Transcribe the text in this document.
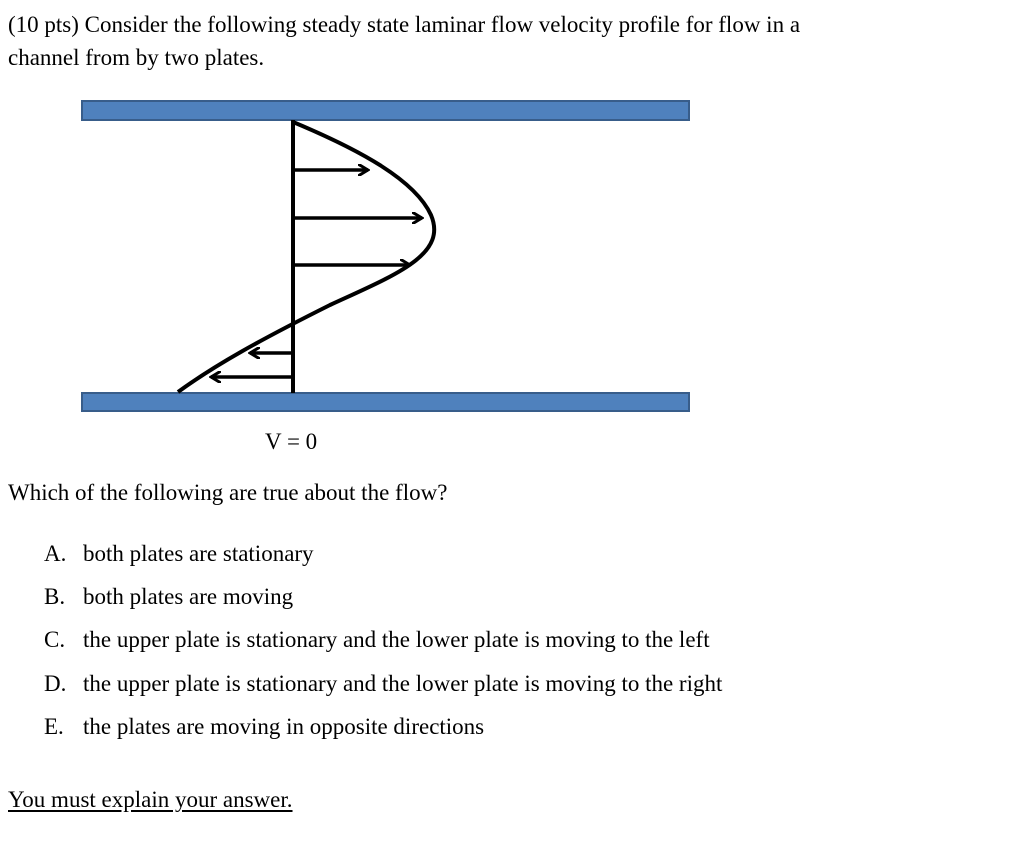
(10 pts) Consider the following steady state laminar flow velocity profile for flow in a
channel from by two plates.

V = 0

Which of the following are true about the flow?

A. both plates are stationary
B. both plates are moving
C. the upper plate is stationary and the lower plate is moving to the left
D. the upper plate is stationary and the lower plate is moving to the right
E. the plates are moving in opposite directions

You must explain your answer.
